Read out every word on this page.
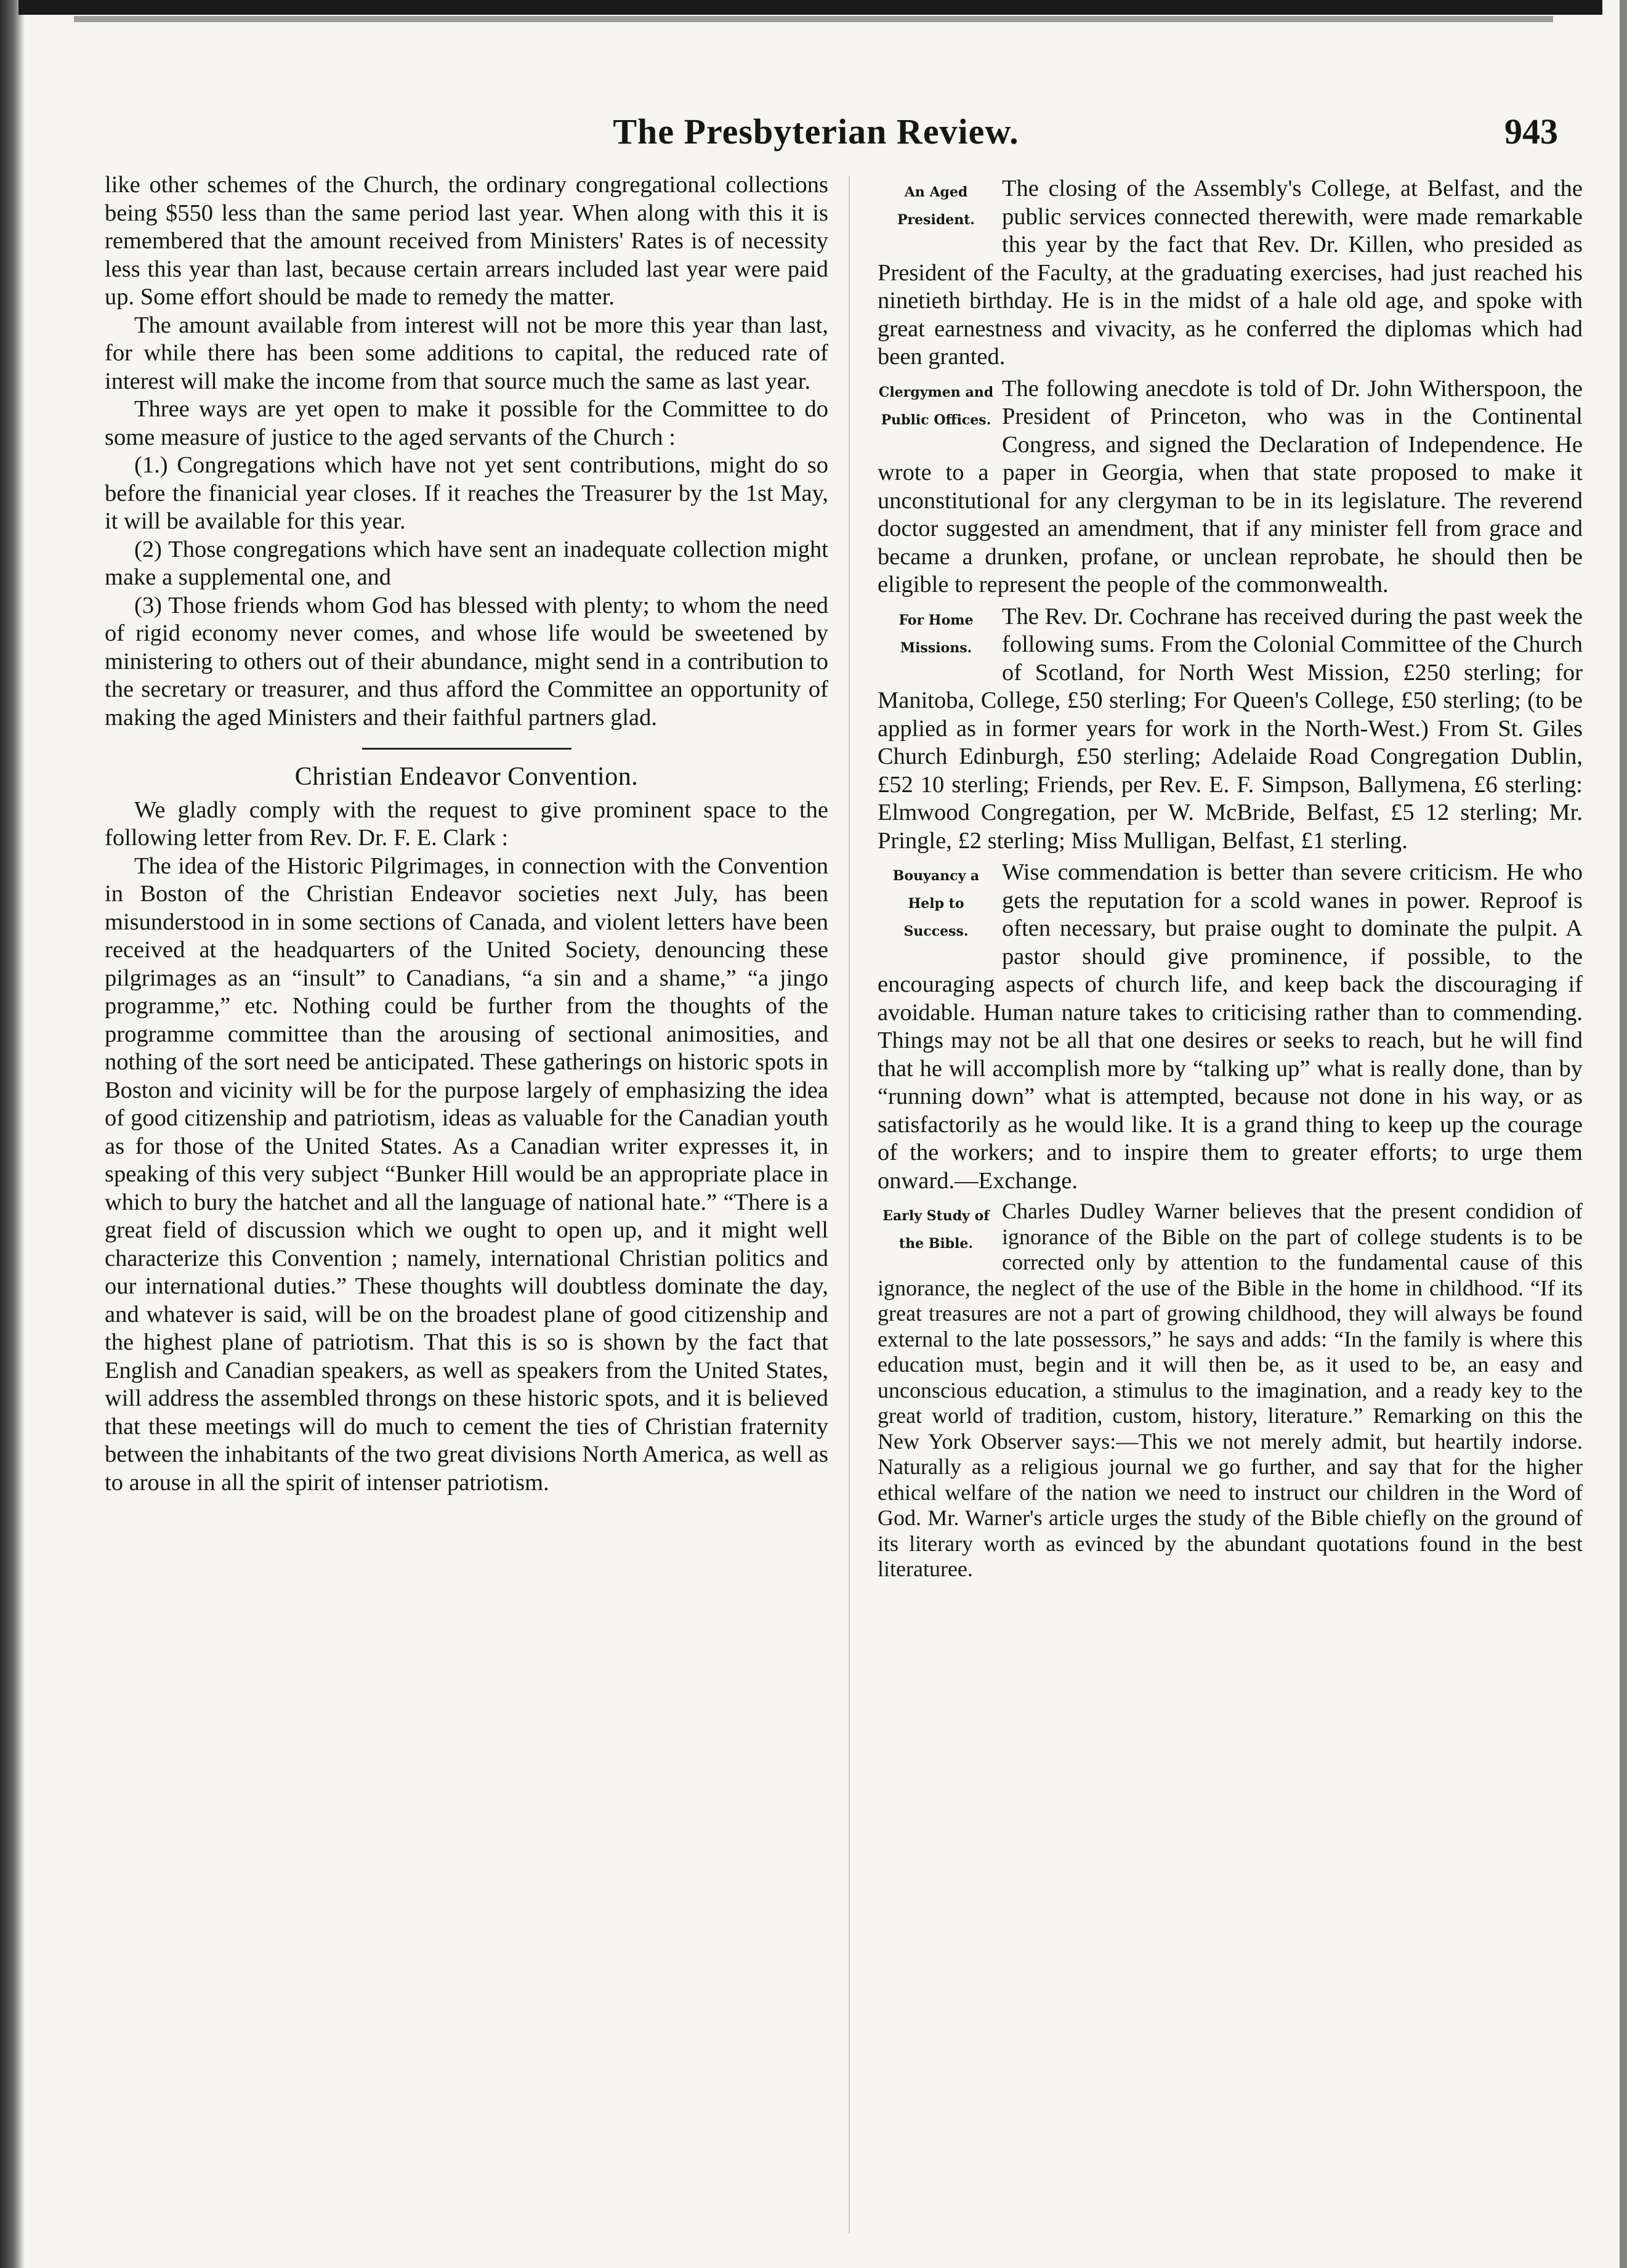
The Presbyterian Review.	943

like other schemes of the Church, the ordinary congregational collections being $550 less than the same period last year. When along with this it is remembered that the amount received from Ministers' Rates is of necessity less this year than last, because certain arrears included last year were paid up. Some effort should be made to remedy the matter.

The amount available from interest will not be more this year than last, for while there has been some additions to capital, the reduced rate of interest will make the income from that source much the same as last year.

Three ways are yet open to make it possible for the Committee to do some measure of justice to the aged servants of the Church :

(1.) Congregations which have not yet sent contributions, might do so before the finanicial year closes. If it reaches the Treasurer by the 1st May, it will be available for this year.

(2) Those congregations which have sent an inadequate collection might make a supplemental one, and

(3) Those friends whom God has blessed with plenty; to whom the need of rigid economy never comes, and whose life would be sweetened by ministering to others out of their abundance, might send in a contribution to the secretary or treasurer, and thus afford the Committee an opportunity of making the aged Ministers and their faithful partners glad.

Christian Endeavor Convention.

We gladly comply with the request to give prominent space to the following letter from Rev. Dr. F. E. Clark :

The idea of the Historic Pilgrimages, in connection with the Convention in Boston of the Christian Endeavor societies next July, has been misunderstood in in some sections of Canada, and violent letters have been received at the headquarters of the United Society, denouncing these pilgrimages as an “insult” to Canadians, “a sin and a shame,” “a jingo programme,” etc. Nothing could be further from the thoughts of the programme committee than the arousing of sectional animosities, and nothing of the sort need be anticipated. These gatherings on historic spots in Boston and vicinity will be for the purpose largely of emphasizing the idea of good citizenship and patriotism, ideas as valuable for the Canadian youth as for those of the United States. As a Canadian writer expresses it, in speaking of this very subject “Bunker Hill would be an appropriate place in which to bury the hatchet and all the language of national hate.” “There is a great field of discussion which we ought to open up, and it might well characterize this Convention ; namely, international Christian politics and our international duties.” These thoughts will doubtless dominate the day, and whatever is said, will be on the broadest plane of good citizenship and the highest plane of patriotism. That this is so is shown by the fact that English and Canadian speakers, as well as speakers from the United States, will address the assembled throngs on these historic spots, and it is believed that these meetings will do much to cement the ties of Christian fraternity between the inhabitants of the two great divisions North America, as well as to arouse in all the spirit of intenser patriotism.

An Aged President.

The closing of the Assembly's College, at Belfast, and the public services connected therewith, were made remarkable this year by the fact that Rev. Dr. Killen, who presided as President of the Faculty, at the graduating exercises, had just reached his ninetieth birthday. He is in the midst of a hale old age, and spoke with great earnestness and vivacity, as he conferred the diplomas which had been granted.

Clergymen and Public Offices.

The following anecdote is told of Dr. John Witherspoon, the President of Princeton, who was in the Continental Congress, and signed the Declaration of Independence. He wrote to a paper in Georgia, when that state proposed to make it unconstitutional for any clergyman to be in its legislature. The reverend doctor suggested an amendment, that if any minister fell from grace and became a drunken, profane, or unclean reprobate, he should then be eligible to represent the people of the commonwealth.

For Home Missions.

The Rev. Dr. Cochrane has received during the past week the following sums. From the Colonial Committee of the Church of Scotland, for North West Mission, £250 sterling; for Manitoba, College, £50 sterling; For Queen's College, £50 sterling; (to be applied as in former years for work in the North-West.) From St. Giles Church Edinburgh, £50 sterling; Adelaide Road Congregation Dublin, £52 10 sterling; Friends, per Rev. E. F. Simpson, Ballymena, £6 sterling: Elmwood Congregation, per W. McBride, Belfast, £5 12 sterling; Mr. Pringle, £2 sterling; Miss Mulligan, Belfast, £1 sterling.

Bouyancy a Help to Success.

Wise commendation is better than severe criticism. He who gets the reputation for a scold wanes in power. Reproof is often necessary, but praise ought to dominate the pulpit. A pastor should give prominence, if possible, to the encouraging aspects of church life, and keep back the discouraging if avoidable. Human nature takes to criticising rather than to commending. Things may not be all that one desires or seeks to reach, but he will find that he will accomplish more by “talking up” what is really done, than by “running down” what is attempted, because not done in his way, or as satisfactorily as he would like. It is a grand thing to keep up the courage of the workers; and to inspire them to greater efforts; to urge them onward.—Exchange.

Early Study of the Bible.

Charles Dudley Warner believes that the present condidion of ignorance of the Bible on the part of college students is to be corrected only by attention to the fundamental cause of this ignorance, the neglect of the use of the Bible in the home in childhood. “If its great treasures are not a part of growing childhood, they will always be found external to the late possessors,” he says and adds: “In the family is where this education must, begin and it will then be, as it used to be, an easy and unconscious education, a stimulus to the imagination, and a ready key to the great world of tradition, custom, history, literature.” Remarking on this the New York Observer says:—This we not merely admit, but heartily indorse. Naturally as a religious journal we go further, and say that for the higher ethical welfare of the nation we need to instruct our children in the Word of God. Mr. Warner's article urges the study of the Bible chiefly on the ground of its literary worth as evinced by the abundant quotations found in the best literaturee.
